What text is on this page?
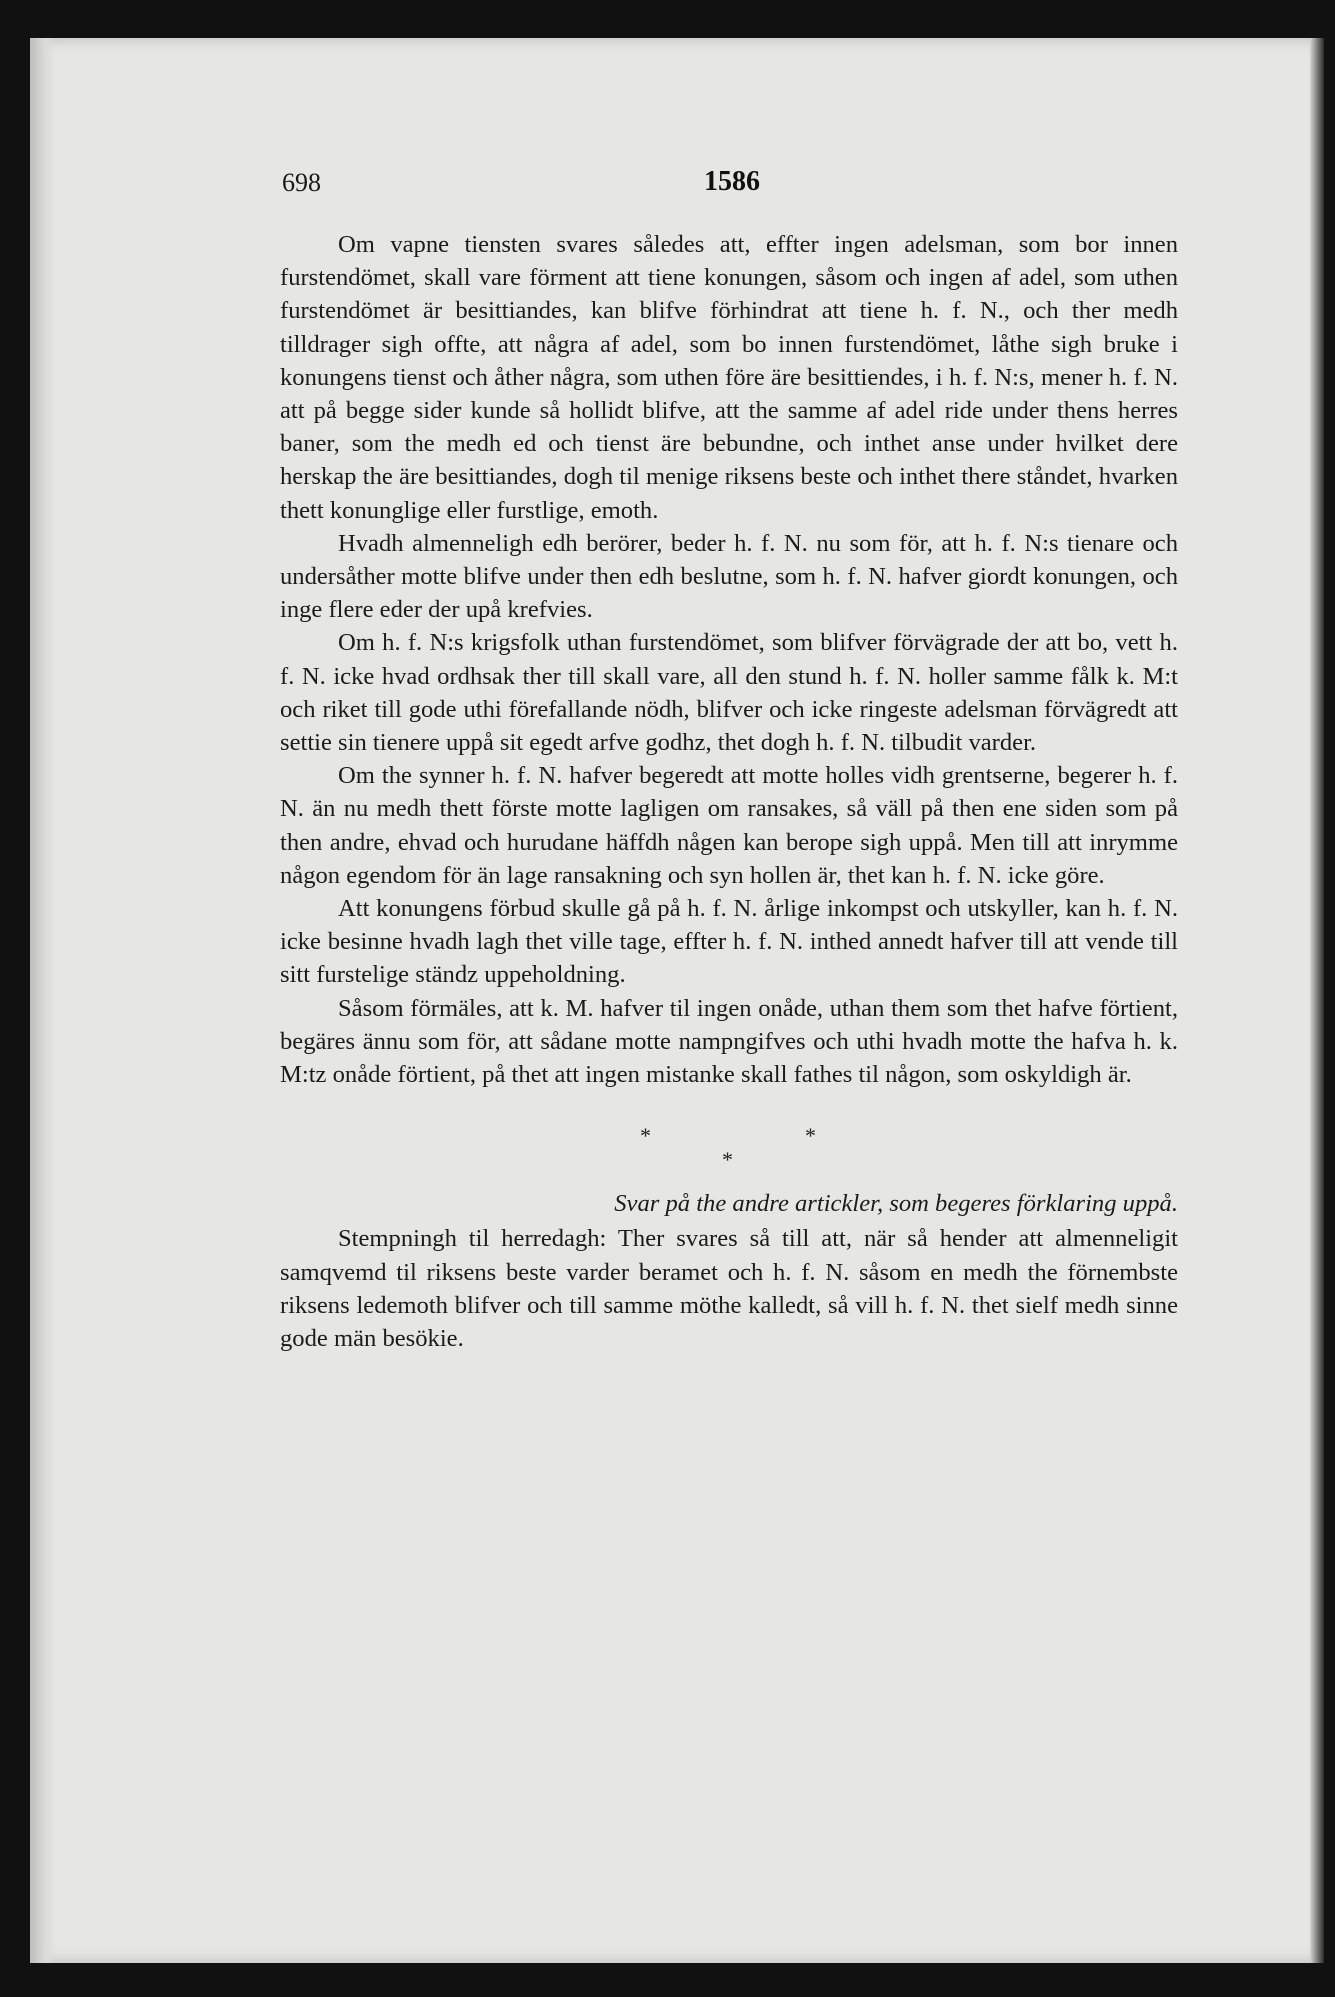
698	1586

Om vapne tiensten svares således att, effter ingen adelsman, som bor innen furstendömet, skall vare förment att tiene konungen, såsom och ingen af adel, som uthen furstendömet är besittiandes, kan blifve förhindrat att tiene h. f. N., och ther medh tilldrager sigh offte, att några af adel, som bo innen furstendömet, låthe sigh bruke i konungens tienst och åther några, som uthen före äre besittiendes, i h. f. N:s, mener h. f. N. att på begge sider kunde så hollidt blifve, att the samme af adel ride under thens herres baner, som the medh ed och tienst äre bebundne, och inthet anse under hvilket dere herskap the äre besittiandes, dogh til menige riksens beste och inthet there ståndet, hvarken thett konunglige eller furstlige, emoth.

Hvadh almenneligh edh berörer, beder h. f. N. nu som för, att h. f. N:s tienare och undersåther motte blifve under then edh beslutne, som h. f. N. hafver giordt konungen, och inge flere eder der upå krefvies.

Om h. f. N:s krigsfolk uthan furstendömet, som blifver förvägrade der att bo, vett h. f. N. icke hvad ordhsak ther till skall vare, all den stund h. f. N. holler samme fålk k. M:t och riket till gode uthi förefallande nödh, blifver och icke ringeste adelsman förvägredt att settie sin tienere uppå sit egedt arfve godhz, thet dogh h. f. N. tilbudit varder.

Om the synner h. f. N. hafver begeredt att motte holles vidh grentserne, begerer h. f. N. än nu medh thett förste motte lagligen om ransakes, så väll på then ene siden som på then andre, ehvad och hurudane häffdh någen kan berope sigh uppå. Men till att inrymme någon egendom för än lage ransakning och syn hollen är, thet kan h. f. N. icke göre.

Att konungens förbud skulle gå på h. f. N. årlige inkompst och utskyller, kan h. f. N. icke besinne hvadh lagh thet ville tage, effter h. f. N. inthed annedt hafver till att vende till sitt furstelige ständz uppeholdning.

Såsom förmäles, att k. M. hafver til ingen onåde, uthan them som thet hafve förtient, begäres ännu som för, att sådane motte nampngifves och uthi hvadh motte the hafva h. k. M:tz onåde förtient, på thet att ingen mistanke skall fathes til någon, som oskyldigh är.

*	*
*

Svar på the andre artickler, som begeres förklaring uppå.

Stempningh til herredagh: Ther svares så till att, när så hender att almenneligit samqvemd til riksens beste varder beramet och h. f. N. såsom en medh the förnembste riksens ledemoth blifver och till samme möthe kalledt, så vill h. f. N. thet sielf medh sinne gode män besökie.
